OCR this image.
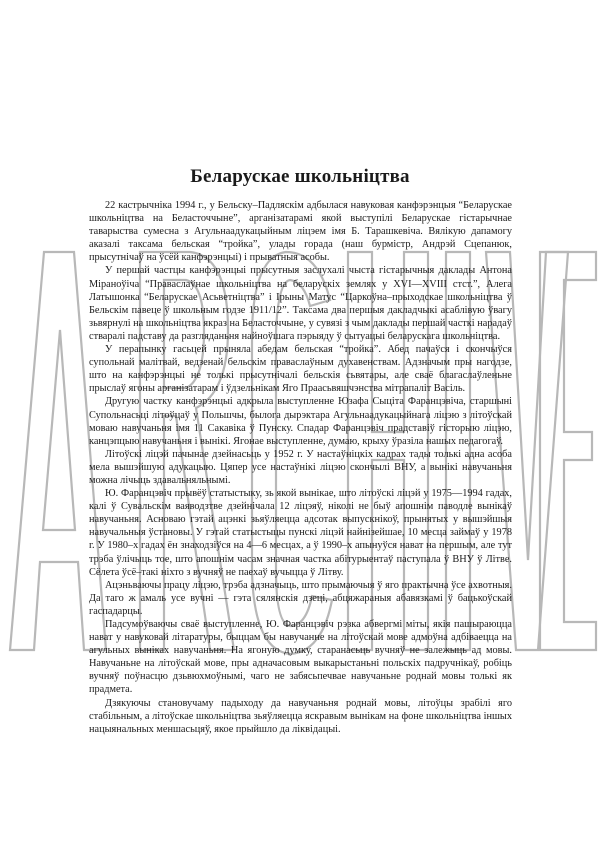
Беларускае школьніцтва

22 кастрычніка 1994 г., у Бельску–Падляскім адбылася навуковая канфэрэнцыя “Беларускае школьніцтва на Беласточчыне”, арганізатарамі якой выступілі Беларускае гістарычнае таварыства сумесна з Агульнаадукацыйным ліцэем імя Б. Тарашкевіча. Вялікую дапамогу аказалі таксама бельская “тройка”, улады горада (наш бурмістр, Андрэй Сцепанюк, прысутнічаў на ўсёй канфэрэнцыі) і прыватныя асобы.

У першай частцы канфэрэнцыі прысутныя заслухалі чыста гістарычныя даклады Антона Міраноўіча “Праваслаўнае школьніцтва на беларускіх землях у XVI—XVIII стст.”, Алега Латышонка “Беларускае Асьветніцтва” і Ірыны Матус “Царкоўна–прыходскае школьніцтва ў Бельскім павеце ў школьным годзе 1911/12”. Таксама два першыя дакладчыкі асаблівую ўвагу зьвярнулі на школьніцтва якраз на Беласточчыне, у сувязі з чым даклады першай часткі нарадаў стваралі падставу да разгляданьня найноўшага пэрыяду ў сытуацыі беларускага школьніцтва.

У перапынку гасьцей прыняла абедам бельская “тройка”. Абед пачаўся і скончыўся супольнай малітвай, ведзенай бельскім праваслаўным духавенствам. Адзначым пры нагодзе, што на канфэрэнцыі не толькі прысутнічалі бельскія сьвятары, але сваё благаслаўленьне прыслаў ягоны арганізатарам і ўдзельнікам Яго Праасьвяшчэнства мітрапаліт Васіль.

Другую частку канфэрэнцыі адкрыла выступленне Юзафа Сыціта Фаранцэвіча, старшыні Супольнасьці літоўцаў у Польшчы, былога дырэктара Агульнаадукацыйнага ліцэю з літоўскай моваю навучаньня імя 11 Сакавіка ў Пунску. Спадар Фаранцэвіч прадставіў гісторыю ліцэю, канцэпцыю навучаньня і вынікі. Ягонае выступленне, думаю, крыху ўразіла нашых педагогаў.

Літоўскі ліцэй пачынае дзейнасьць у 1952 г. У настаўніцкіх кадрах тады толькі адна асоба мела вышэйшую адукацыю. Цяпер усе настаўнікі ліцэю скончылі ВНУ, а вынікі навучаньня можна лічыць здавальняльнымі.

Ю. Фаранцэвіч прывёў статыстыку, зь якой вынікае, што літоўскі ліцэй у 1975—1994 гадах, калі ў Сувальскім ваяводзтве дзейнічала 12 ліцэяў, ніколі не быў апошнім паводле вынікаў навучаньня. Асноваю гэтай ацэнкі зьяўляецца адсотак выпускнікоў, прынятых у вышэйшыя навучальныя ўстановы. У гэтай статыстыцы пунскі ліцэй найнізейшае, 10 месца займаў у 1978 г. У 1980–х гадах ён знаходзіўся на 4—6 месцах, а ў 1990–х апынуўся нават на першым, але тут трэба ўлічыць тое, што апошнім часам значная частка абітурыентаў паступала ў ВНУ ў Літве. Сёлета ўсё–такі ніхто з вучняў не паехаў вучыцца ў Літву.

Ацэньваючы працу ліцэю, трэба адзначыць, што прымаючыя ў яго практычна ўсе ахвотныя. Да таго ж амаль усе вучні — гэта сялянскія дзеці, абцяжараныя абавязкамі ў бацькоўскай гаспадарцы.

Падсумоўваючы сваё выступленне, Ю. Фаранцэвіч рэзка абвергмі міты, якія пашыраюцца нават у навуковай літаратуры, быццам бы навучанне на літоўскай мове адмоўна адбіваецца на агульных выніках навучаньня. На ягоную думку, старанасьць вучняў не залежыць ад мовы. Навучаньне на літоўскай мове, пры адначасовым выкарыстаньні польскіх падручнікаў, робіць вучняў поўнасцю дзьвюхмоўнымі, чаго не забясьпечвае навучаньне роднай мовы толькі як прадмета.

Дзякуючы становучаму падыходу да навучаньня роднай мовы, літоўцы зрабілі яго стабільным, а літоўскае школьніцтва зьяўляецца яскравым вынікам на фоне школьніцтва іншых нацыянальных меншасьцяў, якое прыйшло да ліквідацыі.
